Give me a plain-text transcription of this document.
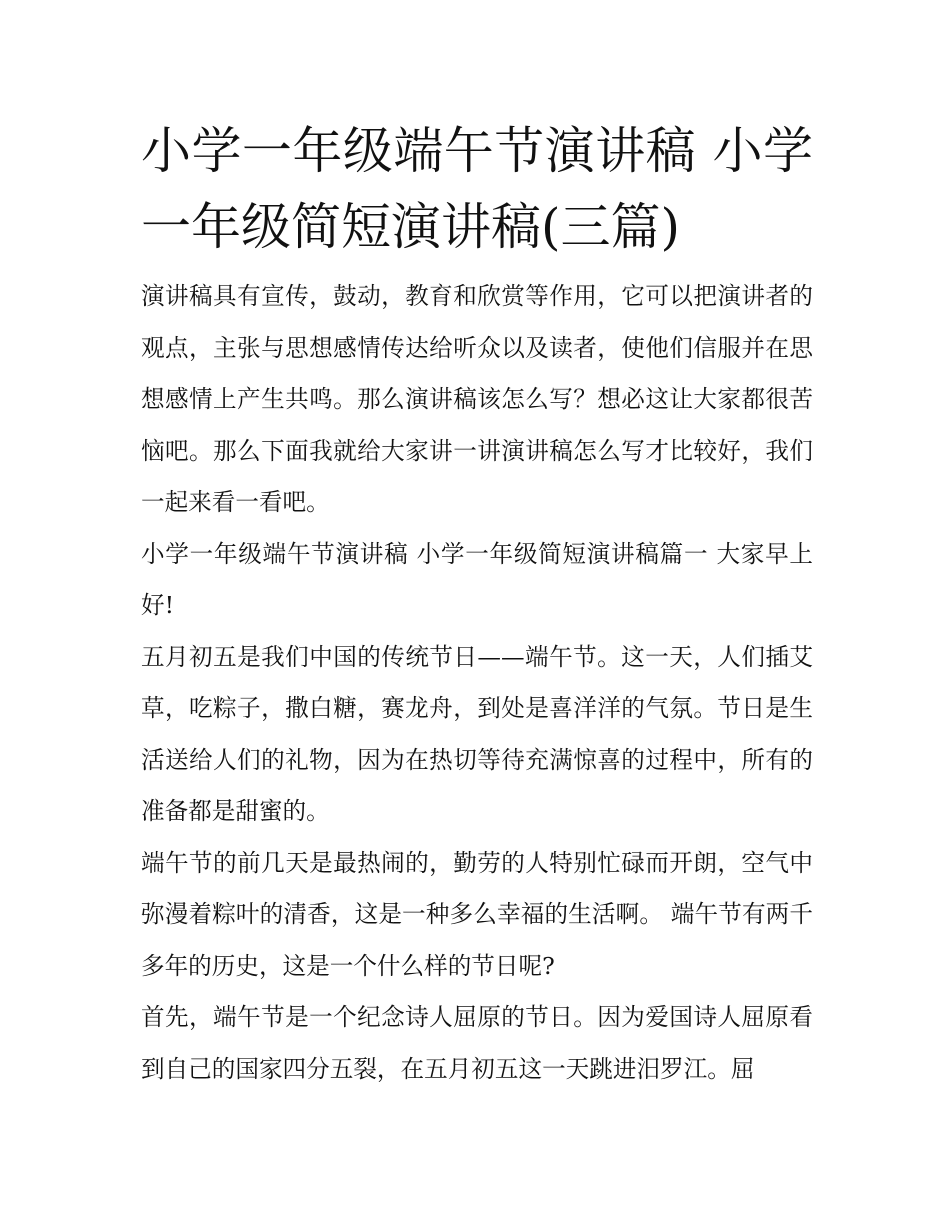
小学一年级端午节演讲稿 小学一年级简短演讲稿(三篇)

演讲稿具有宣传，鼓动，教育和欣赏等作用，它可以把演讲者的观点，主张与思想感情传达给听众以及读者，使他们信服并在思想感情上产生共鸣。那么演讲稿该怎么写？想必这让大家都很苦恼吧。那么下面我就给大家讲一讲演讲稿怎么写才比较好，我们一起来看一看吧。

小学一年级端午节演讲稿 小学一年级简短演讲稿篇一 大家早上好!

五月初五是我们中国的传统节日——端午节。这一天，人们插艾草，吃粽子，撒白糖，赛龙舟，到处是喜洋洋的气氛。节日是生活送给人们的礼物，因为在热切等待充满惊喜的过程中，所有的准备都是甜蜜的。

端午节的前几天是最热闹的，勤劳的人特别忙碌而开朗，空气中弥漫着粽叶的清香，这是一种多么幸福的生活啊。 端午节有两千多年的历史，这是一个什么样的节日呢?

首先，端午节是一个纪念诗人屈原的节日。因为爱国诗人屈原看到自己的国家四分五裂，在五月初五这一天跳进汨罗江。屈
